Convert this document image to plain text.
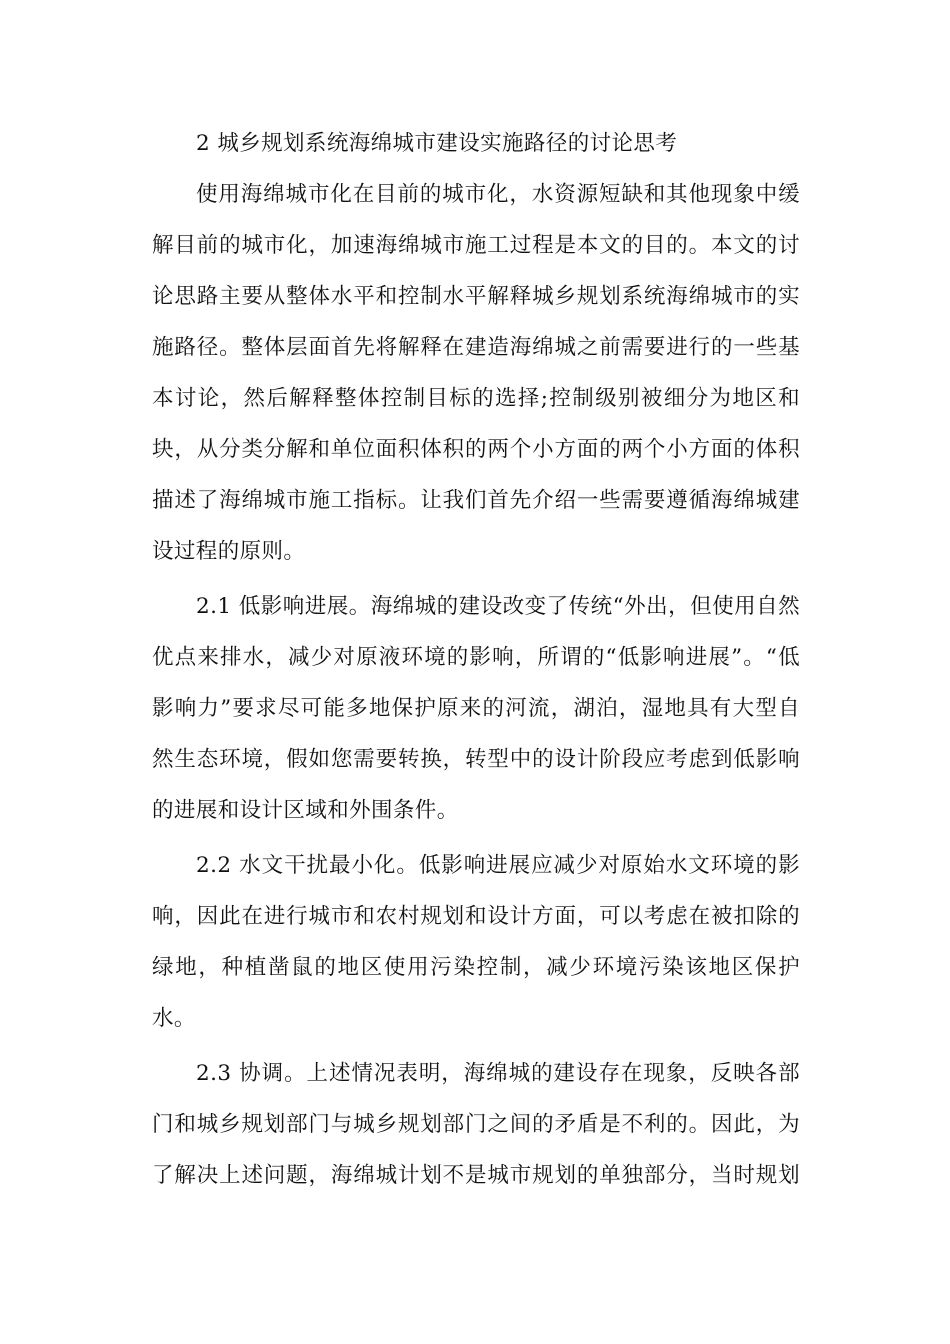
2 城乡规划系统海绵城市建设实施路径的讨论思考
使用海绵城市化在目前的城市化，水资源短缺和其他现象中缓
解目前的城市化，加速海绵城市施工过程是本文的目的。本文的讨
论思路主要从整体水平和控制水平解释城乡规划系统海绵城市的实
施路径。整体层面首先将解释在建造海绵城之前需要进行的一些基
本讨论，然后解释整体控制目标的选择;控制级别被细分为地区和
块，从分类分解和单位面积体积的两个小方面的两个小方面的体积
描述了海绵城市施工指标。让我们首先介绍一些需要遵循海绵城建
设过程的原则。
2.1 低影响进展。海绵城的建设改变了传统“外出，但使用自然
优点来排水，减少对原液环境的影响，所谓的“低影响进展”。“低
影响力”要求尽可能多地保护原来的河流，湖泊，湿地具有大型自
然生态环境，假如您需要转换，转型中的设计阶段应考虑到低影响
的进展和设计区域和外围条件。
2.2 水文干扰最小化。低影响进展应减少对原始水文环境的影
响，因此在进行城市和农村规划和设计方面，可以考虑在被扣除的
绿地，种植凿鼠的地区使用污染控制，减少环境污染该地区保护
水。
2.3 协调。上述情况表明，海绵城的建设存在现象，反映各部
门和城乡规划部门与城乡规划部门之间的矛盾是不利的。因此，为
了解决上述问题，海绵城计划不是城市规划的单独部分，当时规划
